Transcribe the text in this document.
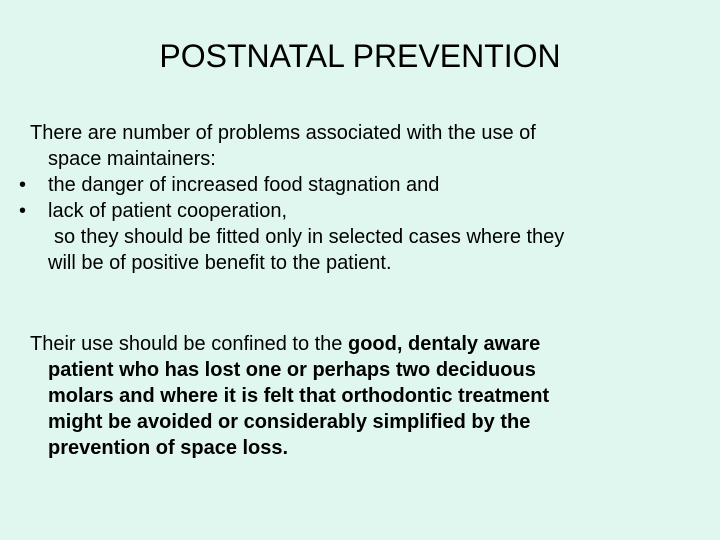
POSTNATAL PREVENTION
There are number of problems associated with the use of
space maintainers:
• the danger of increased food stagnation and
• lack of patient cooperation,
so they should be fitted only in selected cases where they
will be of positive benefit to the patient.
Their use should be confined to the good, dentaly aware
patient who has lost one or perhaps two deciduous
molars and where it is felt that orthodontic treatment
might be avoided or considerably simplified by the
prevention of space loss.
